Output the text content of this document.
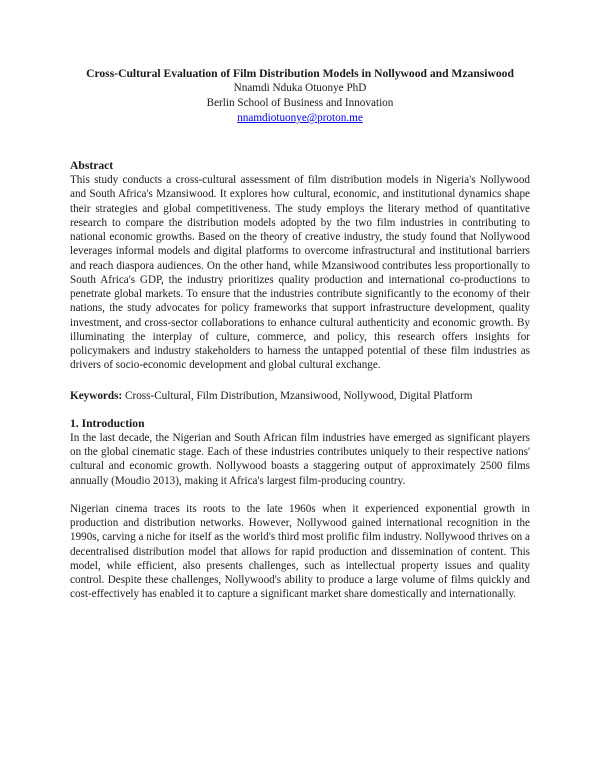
Cross-Cultural Evaluation of Film Distribution Models in Nollywood and Mzansiwood

Nnamdi Nduka Otuonye PhD

Berlin School of Business and Innovation

nnamdiotuonye@proton.me

Abstract

This study conducts a cross-cultural assessment of film distribution models in Nigeria's Nollywood and South Africa's Mzansiwood. It explores how cultural, economic, and institutional dynamics shape their strategies and global competitiveness. The study employs the literary method of quantitative research to compare the distribution models adopted by the two film industries in contributing to national economic growths. Based on the theory of creative industry, the study found that Nollywood leverages informal models and digital platforms to overcome infrastructural and institutional barriers and reach diaspora audiences. On the other hand, while Mzansiwood contributes less proportionally to South Africa's GDP, the industry prioritizes quality production and international co-productions to penetrate global markets. To ensure that the industries contribute significantly to the economy of their nations, the study advocates for policy frameworks that support infrastructure development, quality investment, and cross-sector collaborations to enhance cultural authenticity and economic growth. By illuminating the interplay of culture, commerce, and policy, this research offers insights for policymakers and industry stakeholders to harness the untapped potential of these film industries as drivers of socio-economic development and global cultural exchange.

Keywords: Cross-Cultural, Film Distribution, Mzansiwood, Nollywood, Digital Platform

1. Introduction

In the last decade, the Nigerian and South African film industries have emerged as significant players on the global cinematic stage. Each of these industries contributes uniquely to their respective nations' cultural and economic growth. Nollywood boasts a staggering output of approximately 2500 films annually (Moudio 2013), making it Africa's largest film-producing country.

Nigerian cinema traces its roots to the late 1960s when it experienced exponential growth in production and distribution networks. However, Nollywood gained international recognition in the 1990s, carving a niche for itself as the world's third most prolific film industry. Nollywood thrives on a decentralised distribution model that allows for rapid production and dissemination of content. This model, while efficient, also presents challenges, such as intellectual property issues and quality control. Despite these challenges, Nollywood's ability to produce a large volume of films quickly and cost-effectively has enabled it to capture a significant market share domestically and internationally.
